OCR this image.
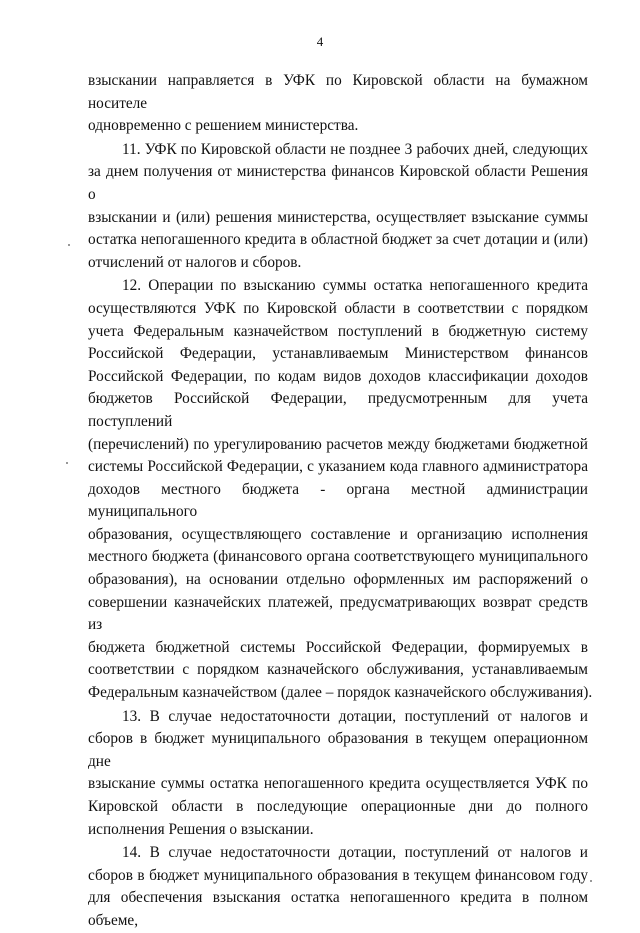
4

взыскании направляется в УФК по Кировской области на бумажном носителе
одновременно с решением министерства.

11. УФК по Кировской области не позднее 3 рабочих дней, следующих
за днем получения от министерства финансов Кировской области Решения о
взыскании и (или) решения министерства, осуществляет взыскание суммы
остатка непогашенного кредита в областной бюджет за счет дотации и (или)
отчислений от налогов и сборов.

12. Операции по взысканию суммы остатка непогашенного кредита
осуществляются УФК по Кировской области в соответствии с порядком
учета Федеральным казначейством поступлений в бюджетную систему
Российской Федерации, устанавливаемым Министерством финансов
Российской Федерации, по кодам видов доходов классификации доходов
бюджетов Российской Федерации, предусмотренным для учета поступлений
(перечислений) по урегулированию расчетов между бюджетами бюджетной
системы Российской Федерации, с указанием кода главного администратора
доходов местного бюджета - органа местной администрации муниципального
образования, осуществляющего составление и организацию исполнения
местного бюджета (финансового органа соответствующего муниципального
образования), на основании отдельно оформленных им распоряжений о
совершении казначейских платежей, предусматривающих возврат средств из
бюджета бюджетной системы Российской Федерации, формируемых в
соответствии с порядком казначейского обслуживания, устанавливаемым
Федеральным казначейством (далее – порядок казначейского обслуживания).

13. В случае недостаточности дотации, поступлений от налогов и
сборов в бюджет муниципального образования в текущем операционном дне
взыскание суммы остатка непогашенного кредита осуществляется УФК по
Кировской области в последующие операционные дни до полного
исполнения Решения о взыскании.

14. В случае недостаточности дотации, поступлений от налогов и
сборов в бюджет муниципального образования в текущем финансовом году
для обеспечения взыскания остатка непогашенного кредита в полном объеме,
